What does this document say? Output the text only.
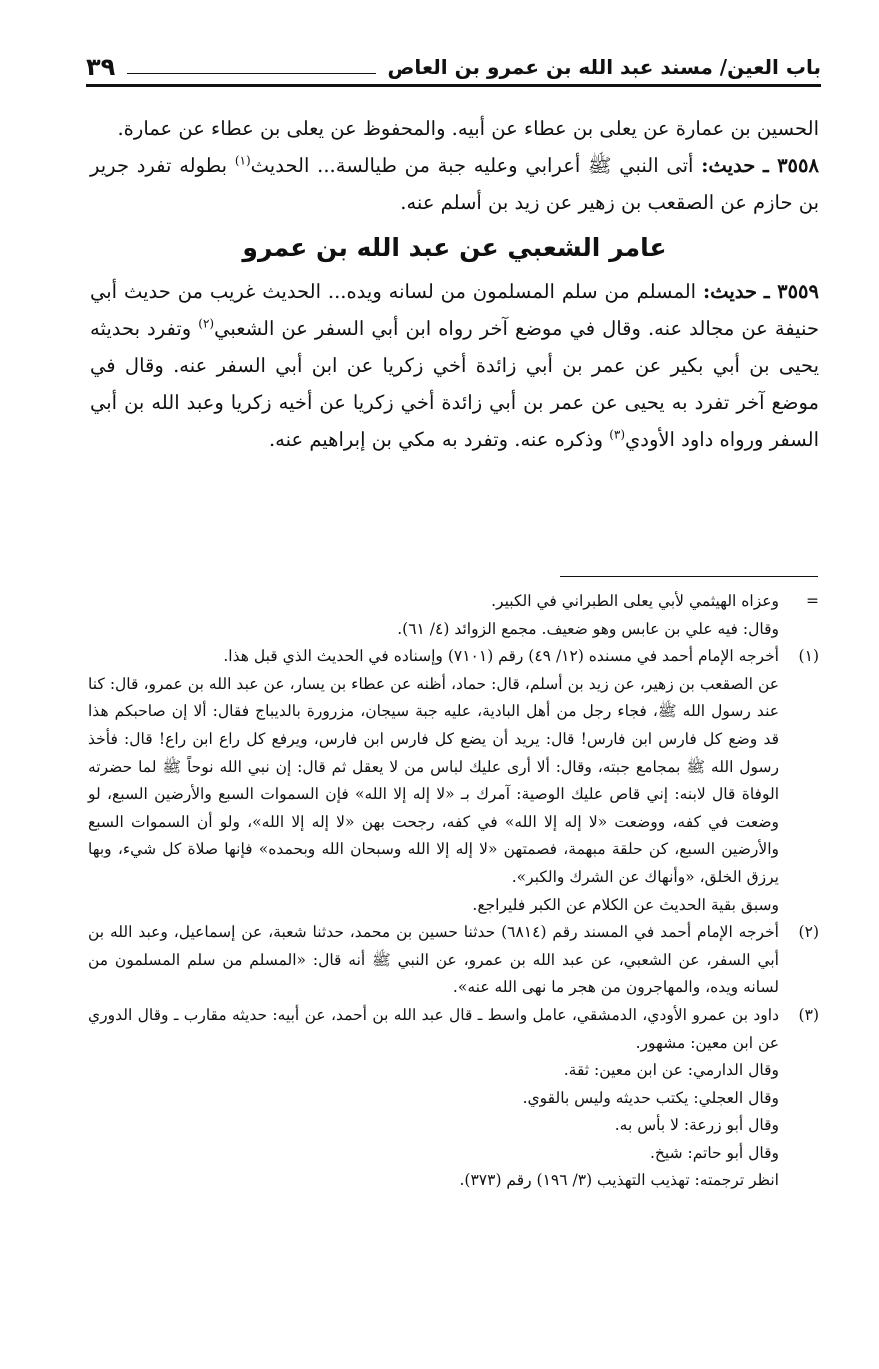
باب العين/ مسند عبد الله بن عمرو بن العاص
٣٩

الحسين بن عمارة عن يعلى بن عطاء عن أبيه. والمحفوظ عن يعلى بن عطاء عن عمارة.

٣٥٥٨ ـ حديث: أتى النبي ﷺ أعرابي وعليه جبة من طيالسة... الحديث$^{(١)}$ بطوله تفرد جرير بن حازم عن الصقعب بن زهير عن زيد بن أسلم عنه.

عامر الشعبي عن عبد الله بن عمرو

٣٥٥٩ ـ حديث: المسلم من سلم المسلمون من لسانه ويده... الحديث غريب من حديث أبي حنيفة عن مجالد عنه. وقال في موضع آخر رواه ابن أبي السفر عن الشعبي$^{(٢)}$ وتفرد بحديثه يحيى بن أبي بكير عن عمر بن أبي زائدة أخي زكريا عن ابن أبي السفر عنه. وقال في موضع آخر تفرد به يحيى عن عمر بن أبي زائدة أخي زكريا عن أخيه زكريا وعبد الله بن أبي السفر ورواه داود الأودي$^{(٣)}$ وذكره عنه. وتفرد به مكي بن إبراهيم عنه.

=
وعزاه الهيثمي لأبي يعلى الطبراني في الكبير.
وقال: فيه علي بن عابس وهو ضعيف. مجمع الزوائد (٤/ ٦١).
(١)
أخرجه الإمام أحمد في مسنده (١٢/ ٤٩) رقم (٧١٠١) وإسناده في الحديث الذي قبل هذا.
عن الصقعب بن زهير، عن زيد بن أسلم، قال: حماد، أظنه عن عطاء بن يسار، عن عبد الله بن عمرو، قال: كنا عند رسول الله ﷺ، فجاء رجل من أهل البادية، عليه جبة سيجان، مزرورة بالديباج فقال: ألا إن صاحبكم هذا قد وضع كل فارس ابن فارس! قال: يريد أن يضع كل فارس ابن فارس، ويرفع كل راع ابن راع! قال: فأخذ رسول الله ﷺ بمجامع جبته، وقال: ألا أرى عليك لباس من لا يعقل ثم قال: إن نبي الله نوحاً ﷺ لما حضرته الوفاة قال لابنه: إني قاص عليك الوصية: آمرك بـ «لا إله إلا الله» فإن السموات السبع والأرضين السبع، لو وضعت في كفه، ووضعت «لا إله إلا الله» في كفه، رجحت بهن «لا إله إلا الله»، ولو أن السموات السبع والأرضين السبع، كن حلقة مبهمة، فصمتهن «لا إله إلا الله وسبحان الله وبحمده» فإنها صلاة كل شيء، وبها يرزق الخلق، «وأنهاك عن الشرك والكبر».
وسبق بقية الحديث عن الكلام عن الكبر فليراجع.
(٢)
أخرجه الإمام أحمد في المسند رقم (٦٨١٤) حدثنا حسين بن محمد، حدثنا شعبة، عن إسماعيل، وعبد الله بن أبي السفر، عن الشعبي، عن عبد الله بن عمرو، عن النبي ﷺ أنه قال: «المسلم من سلم المسلمون من لسانه ويده، والمهاجرون من هجر ما نهى الله عنه».
(٣)
داود بن عمرو الأودي، الدمشقي، عامل واسط ـ قال عبد الله بن أحمد، عن أبيه: حديثه مقارب ـ وقال الدوري عن ابن معين: مشهور.
وقال الدارمي: عن ابن معين: ثقة.
وقال العجلي: يكتب حديثه وليس بالقوي.
وقال أبو زرعة: لا بأس به.
وقال أبو حاتم: شيخ.
انظر ترجمته: تهذيب التهذيب (٣/ ١٩٦) رقم (٣٧٣).
